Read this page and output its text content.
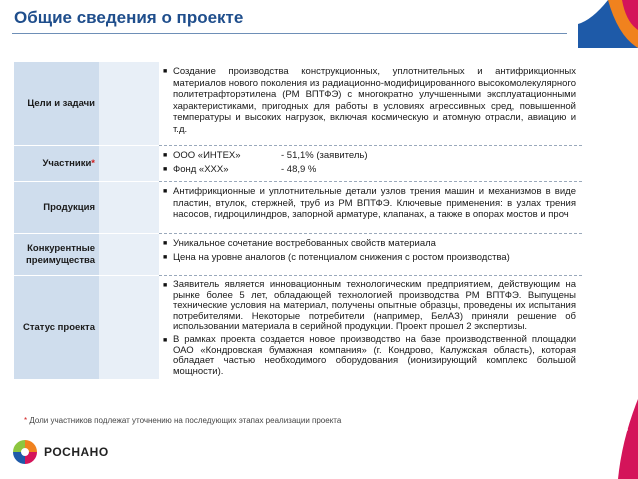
Общие сведения о проекте
4
Цели и задачи
■ Создание производства конструкционных, уплотнительных и антифрикционных материалов нового поколения из радиационно-модифицированного высокомолекулярного политетрафторэтилена (РМ ВПТФЭ) с многократно улучшенными эксплуатационными характеристиками, пригодных для работы в условиях агрессивных сред, повышенной температуры и высоких нагрузок, включая космическую и атомную отрасли, авиацию и т.д.
Участники *
■ ООО «ИНТЕХ»	- 51,1% (заявитель)
■ Фонд «ХХХ»	- 48,9 %
Продукция
■ Антифрикционные и уплотнительные детали узлов трения машин и механизмов в виде пластин, втулок, стержней, труб из РМ ВПТФЭ. Ключевые применения: в узлах трения насосов, гидроцилиндров, запорной арматуре, клапанах, а также в опорах мостов и проч
Конкурентные преимущества
■ Уникальное сочетание востребованных свойств материала
■ Цена на уровне аналогов (с потенциалом снижения с ростом производства)
Статус проекта
■ Заявитель является инновационным технологическим предприятием, действующим на рынке более 5 лет, обладающей технологией производства РМ ВПТФЭ. Выпущены технические условия на материал, получены опытные образцы, проведены их испытания потребителями. Некоторые потребители (например, БелАЗ) приняли решение об использовании материала в серийной продукции. Проект прошел 2 экспертизы.
■ В рамках проекта создается новое производство на базе производственной площадки ОАО «Кондровская бумажная компания» (г. Кондрово, Калужская область), которая обладает частью необходимого оборудования (ионизирующий комплекс большой мощности).
* Доли участников подлежат уточнению на последующих этапах реализации проекта
РОСНАНО
